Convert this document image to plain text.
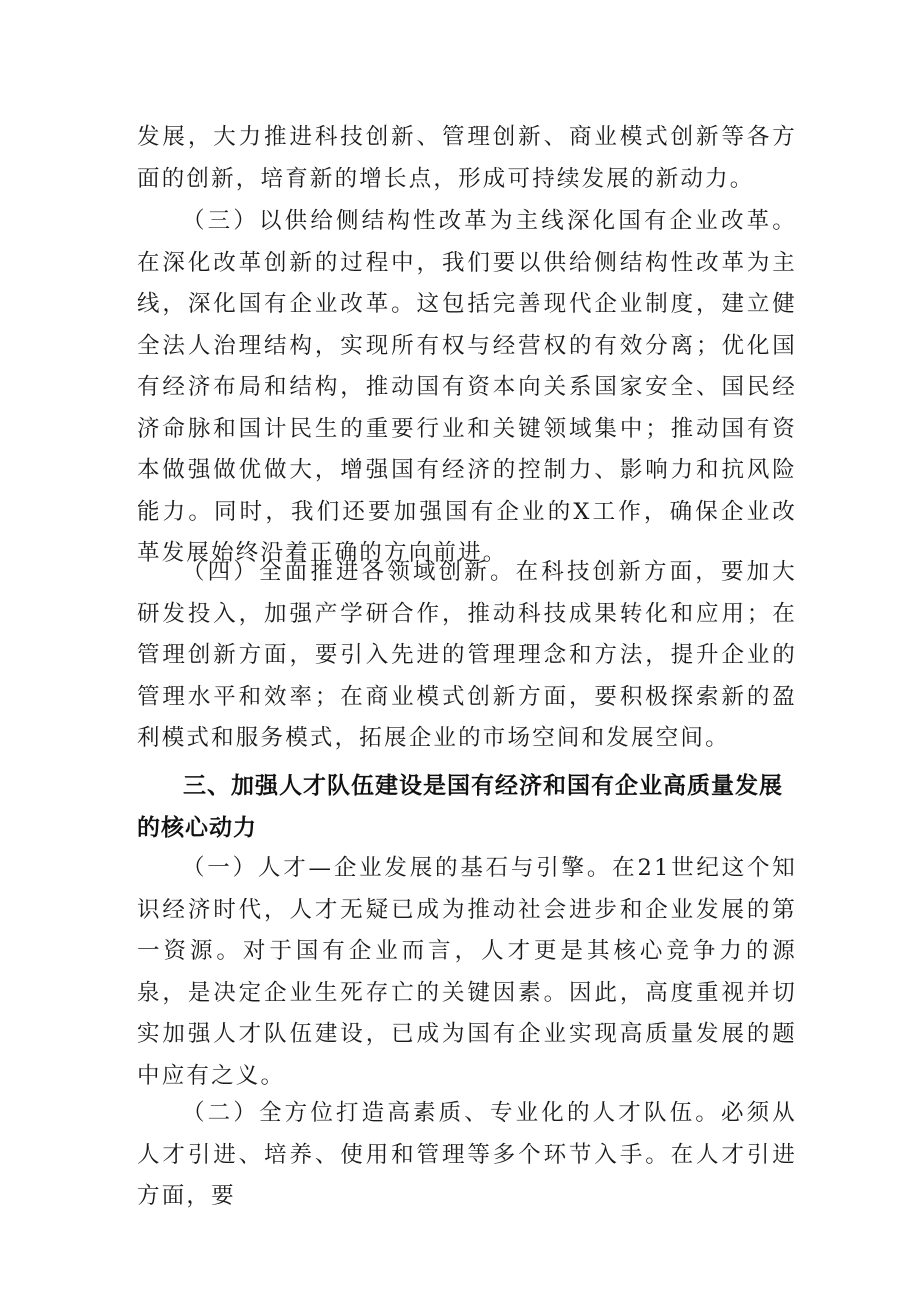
发展，大力推进科技创新、管理创新、商业模式创新等各方面的创新，培育新的增长点，形成可持续发展的新动力。

（三）以供给侧结构性改革为主线深化国有企业改革。在深化改革创新的过程中，我们要以供给侧结构性改革为主线，深化国有企业改革。这包括完善现代企业制度，建立健全法人治理结构，实现所有权与经营权的有效分离；优化国有经济布局和结构，推动国有资本向关系国家安全、国民经济命脉和国计民生的重要行业和关键领域集中；推动国有资本做强做优做大，增强国有经济的控制力、影响力和抗风险能力。同时，我们还要加强国有企业的X工作，确保企业改革发展始终沿着正确的方向前进。

（四）全面推进各领域创新。在科技创新方面，要加大研发投入，加强产学研合作，推动科技成果转化和应用；在管理创新方面，要引入先进的管理理念和方法，提升企业的管理水平和效率；在商业模式创新方面，要积极探索新的盈利模式和服务模式，拓展企业的市场空间和发展空间。

三、加强人才队伍建设是国有经济和国有企业高质量发展的核心动力

（一）人才—企业发展的基石与引擎。在21世纪这个知识经济时代，人才无疑已成为推动社会进步和企业发展的第一资源。对于国有企业而言，人才更是其核心竞争力的源泉，是决定企业生死存亡的关键因素。因此，高度重视并切实加强人才队伍建设，已成为国有企业实现高质量发展的题中应有之义。

（二）全方位打造高素质、专业化的人才队伍。必须从人才引进、培养、使用和管理等多个环节入手。在人才引进方面，要
